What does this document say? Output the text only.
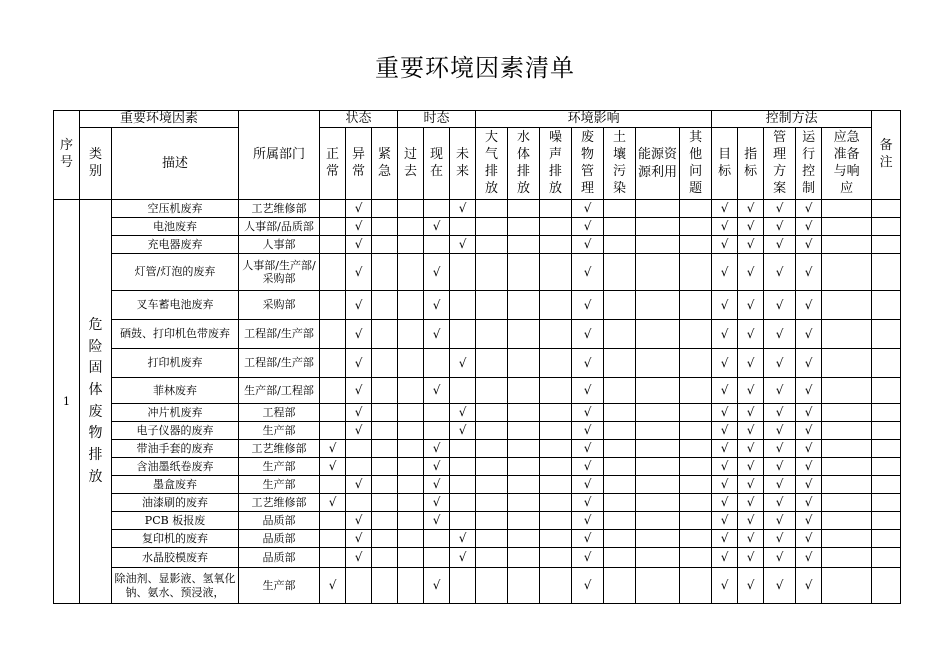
重要环境因素清单
序号	重要环境因素		所属部门	状态			时态			环境影响							控制方法					备注
	类别	描述		正常	异常	紧急	过去	现在	未来	大气排放	水体排放	噪声排放	废物管理	土壤污染	能源资源利用	其他问题	目标	指标	管理方案	运行控制	应急准备与响应	
1	危险固体废物排放	空压机废弃	工艺维修部		√				√				√				√	√	√	√		
		电池废弃	人事部/品质部		√			√					√				√	√	√	√		
		充电器废弃	人事部		√				√				√				√	√	√	√		
		灯管/灯泡的废弃	人事部/生产部/采购部		√			√					√				√	√	√	√		
		叉车蓄电池废弃	采购部		√			√					√				√	√	√	√		
		硒鼓、打印机色带废弃	工程部/生产部		√			√					√				√	√	√	√		
		打印机废弃	工程部/生产部		√				√				√				√	√	√	√		
		菲林废弃	生产部/工程部		√			√					√				√	√	√	√		
		冲片机废弃	工程部		√				√				√				√	√	√	√		
		电子仪器的废弃	生产部		√				√				√				√	√	√	√		
		带油手套的废弃	工艺维修部	√				√					√				√	√	√	√		
		含油墨纸卷废弃	生产部	√				√					√				√	√	√	√		
		墨盒废弃	生产部		√			√					√				√	√	√	√		
		油漆刷的废弃	工艺维修部	√				√					√				√	√	√	√		
		PCB 板报废	品质部		√			√					√				√	√	√	√		
		复印机的废弃	品质部		√				√				√				√	√	√	√		
		水晶胶模废弃	品质部		√				√				√				√	√	√	√		
		除油剂、显影液、氢氧化钠、氨水、预浸液，	生产部	√				√					√				√	√	√	√		
